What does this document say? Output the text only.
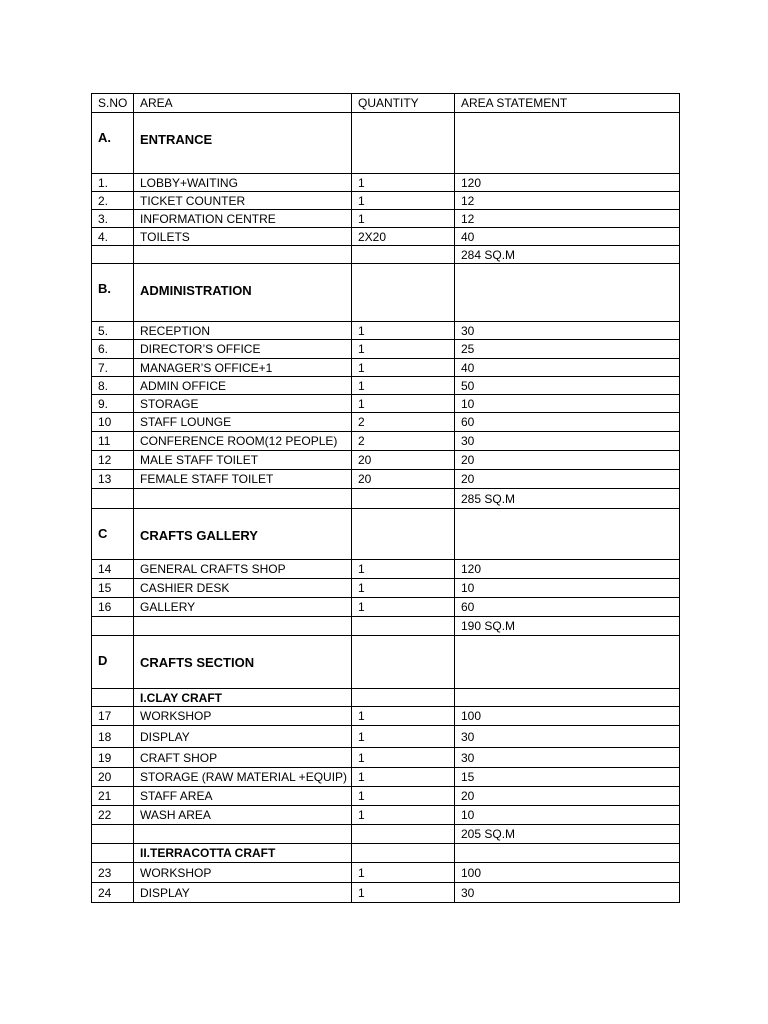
S.NO	AREA	QUANTITY	AREA STATEMENT
A.	ENTRANCE		
1.	LOBBY+WAITING	1	120
2.	TICKET COUNTER	1	12
3.	INFORMATION CENTRE	1	12
4.	TOILETS	2X20	40
			284 SQ.M
B.	ADMINISTRATION		
5.	RECEPTION	1	30
6.	DIRECTOR’S OFFICE	1	25
7.	MANAGER’S OFFICE+1	1	40
8.	ADMIN OFFICE	1	50
9.	STORAGE	1	10
10	STAFF LOUNGE	2	60
11	CONFERENCE ROOM(12 PEOPLE)	2	30
12	MALE STAFF TOILET	20	20
13	FEMALE STAFF TOILET	20	20
			285 SQ.M
C	CRAFTS GALLERY		
14	GENERAL CRAFTS SHOP	1	120
15	CASHIER DESK	1	10
16	GALLERY	1	60
			190 SQ.M
D	CRAFTS SECTION		
	I.CLAY CRAFT		
17	WORKSHOP	1	100
18	DISPLAY	1	30
19	CRAFT SHOP	1	30
20	STORAGE (RAW MATERIAL +EQUIP)	1	15
21	STAFF AREA	1	20
22	WASH AREA	1	10
			205 SQ.M
	II.TERRACOTTA CRAFT		
23	WORKSHOP	1	100
24	DISPLAY	1	30
